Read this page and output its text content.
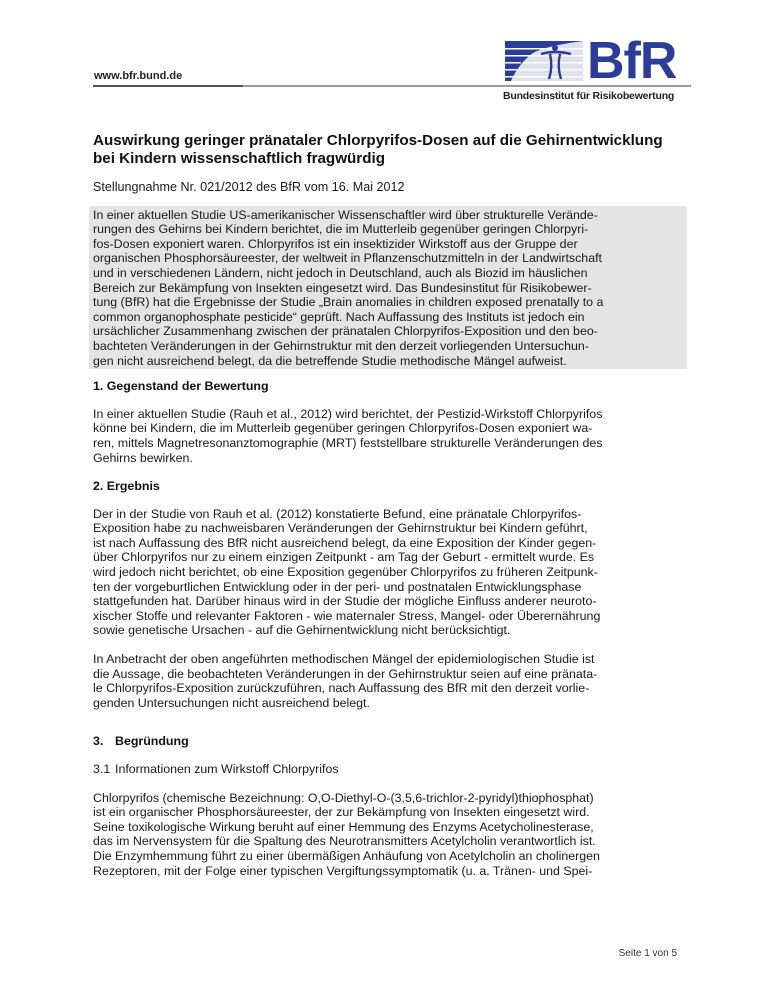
www.bfr.bund.de	BfR
Bundesinstitut für Risikobewertung
Auswirkung geringer pränataler Chlorpyrifos-Dosen auf die Gehirnentwicklung
bei Kindern wissenschaftlich fragwürdig
Stellungnahme Nr. 021/2012 des BfR vom 16. Mai 2012

In einer aktuellen Studie US-amerikanischer Wissenschaftler wird über strukturelle Verände-
rungen des Gehirns bei Kindern berichtet, die im Mutterleib gegenüber geringen Chlorpyri-
fos-Dosen exponiert waren. Chlorpyrifos ist ein insektizider Wirkstoff aus der Gruppe der
organischen Phosphorsäureester, der weltweit in Pflanzenschutzmitteln in der Landwirtschaft
und in verschiedenen Ländern, nicht jedoch in Deutschland, auch als Biozid im häuslichen
Bereich zur Bekämpfung von Insekten eingesetzt wird. Das Bundesinstitut für Risikobewer-
tung (BfR) hat die Ergebnisse der Studie „Brain anomalies in children exposed prenatally to a
common organophosphate pesticide“ geprüft. Nach Auffassung des Instituts ist jedoch ein
ursächlicher Zusammenhang zwischen der pränatalen Chlorpyrifos-Exposition und den beo-
bachteten Veränderungen in der Gehirnstruktur mit den derzeit vorliegenden Untersuchun-
gen nicht ausreichend belegt, da die betreffende Studie methodische Mängel aufweist.

1. Gegenstand der Bewertung

In einer aktuellen Studie (Rauh et al., 2012) wird berichtet, der Pestizid-Wirkstoff Chlorpyrifos
könne bei Kindern, die im Mutterleib gegenüber geringen Chlorpyrifos-Dosen exponiert wa-
ren, mittels Magnetresonanztomographie (MRT) feststellbare strukturelle Veränderungen des
Gehirns bewirken.

2. Ergebnis

Der in der Studie von Rauh et al. (2012) konstatierte Befund, eine pränatale Chlorpyrifos-
Exposition habe zu nachweisbaren Veränderungen der Gehirnstruktur bei Kindern geführt,
ist nach Auffassung des BfR nicht ausreichend belegt, da eine Exposition der Kinder gegen-
über Chlorpyrifos nur zu einem einzigen Zeitpunkt - am Tag der Geburt - ermittelt wurde. Es
wird jedoch nicht berichtet, ob eine Exposition gegenüber Chlorpyrifos zu früheren Zeitpunk-
ten der vorgeburtlichen Entwicklung oder in der peri- und postnatalen Entwicklungsphase
stattgefunden hat. Darüber hinaus wird in der Studie der mögliche Einfluss anderer neuroto-
xischer Stoffe und relevanter Faktoren - wie maternaler Stress, Mangel- oder Überernährung
sowie genetische Ursachen - auf die Gehirnentwicklung nicht berücksichtigt.

In Anbetracht der oben angeführten methodischen Mängel der epidemiologischen Studie ist
die Aussage, die beobachteten Veränderungen in der Gehirnstruktur seien auf eine pränata-
le Chlorpyrifos-Exposition zurückzuführen, nach Auffassung des BfR mit den derzeit vorlie-
genden Untersuchungen nicht ausreichend belegt.

3. Begründung
3.1 Informationen zum Wirkstoff Chlorpyrifos

Chlorpyrifos (chemische Bezeichnung: O,O-Diethyl-O-(3,5,6-trichlor-2-pyridyl)thiophosphat)
ist ein organischer Phosphorsäureester, der zur Bekämpfung von Insekten eingesetzt wird.
Seine toxikologische Wirkung beruht auf einer Hemmung des Enzyms Acetycholinesterase,
das im Nervensystem für die Spaltung des Neurotransmitters Acetylcholin verantwortlich ist.
Die Enzymhemmung führt zu einer übermäßigen Anhäufung von Acetylcholin an cholinergen
Rezeptoren, mit der Folge einer typischen Vergiftungssymptomatik (u. a. Tränen- und Spei-

Seite 1 von 5
